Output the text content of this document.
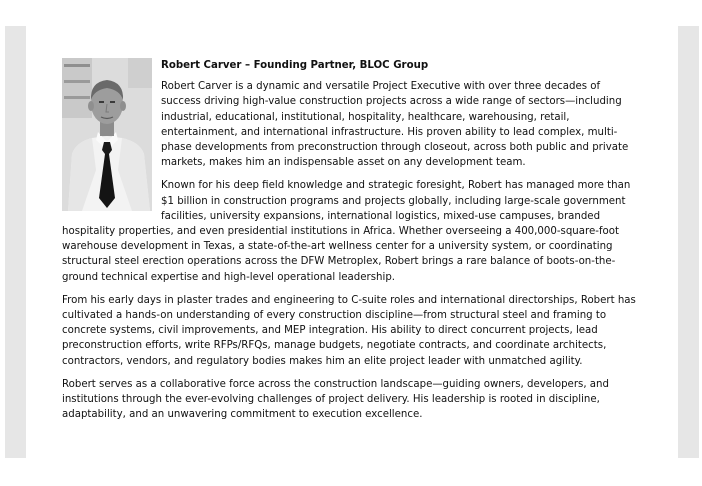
Robert Carver – Founding Partner, BLOC Group

Robert Carver is a dynamic and versatile Project Executive with over three decades of success driving high-value construction projects across a wide range of sectors—including industrial, educational, institutional, hospitality, healthcare, warehousing, retail, entertainment, and international infrastructure. His proven ability to lead complex, multi-phase developments from preconstruction through closeout, across both public and private markets, makes him an indispensable asset on any development team.

Known for his deep field knowledge and strategic foresight, Robert has managed more than $1 billion in construction programs and projects globally, including large-scale government facilities, university expansions, international logistics, mixed-use campuses, branded hospitality properties, and even presidential institutions in Africa. Whether overseeing a 400,000-square-foot warehouse development in Texas, a state-of-the-art wellness center for a university system, or coordinating structural steel erection operations across the DFW Metroplex, Robert brings a rare balance of boots-on-the-ground technical expertise and high-level operational leadership.

From his early days in plaster trades and engineering to C-suite roles and international directorships, Robert has cultivated a hands-on understanding of every construction discipline—from structural steel and framing to concrete systems, civil improvements, and MEP integration. His ability to direct concurrent projects, lead preconstruction efforts, write RFPs/RFQs, manage budgets, negotiate contracts, and coordinate architects, contractors, vendors, and regulatory bodies makes him an elite project leader with unmatched agility.

Robert serves as a collaborative force across the construction landscape—guiding owners, developers, and institutions through the ever-evolving challenges of project delivery. His leadership is rooted in discipline, adaptability, and an unwavering commitment to execution excellence.
